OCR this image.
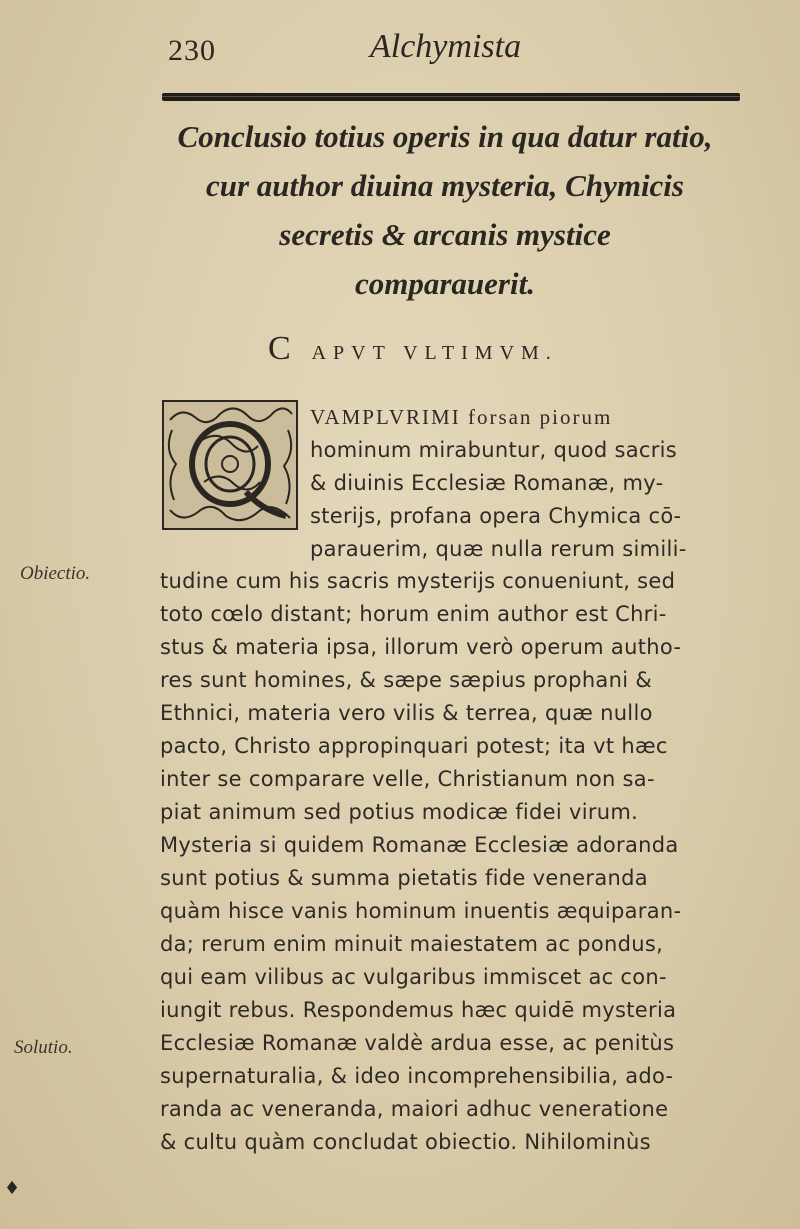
230	Alchymista
Conclusio totius operis in qua datur ratio,
cur author diuina mysteria, Chymicis
secretis & arcanis mystice
comparauerit.
C APVT VLTIMVM.
Obiectio.
Solutio.
VAMPLVRIMI forsan piorum
hominum mirabuntur, quod sacris
& diuinis Ecclesiæ Romanæ, my-
sterijs, profana opera Chymica cō-
parauerim, quæ nulla rerum simili-
tudine cum his sacris mysterijs conueniunt, sed
toto cœlo distant; horum enim author est Chri-
stus & materia ipsa, illorum verò operum autho-
res sunt homines, & sæpe sæpius prophani &
Ethnici, materia vero vilis & terrea, quæ nullo
pacto, Christo appropinquari potest; ita vt hæc
inter se comparare velle, Christianum non sa-
piat animum sed potius modicæ fidei virum.
Mysteria si quidem Romanæ Ecclesiæ adoranda
sunt potius & summa pietatis fide veneranda
quàm hisce vanis hominum inuentis æquiparan-
da; rerum enim minuit maiestatem ac pondus,
qui eam vilibus ac vulgaribus immiscet ac con-
iungit rebus. Respondemus hæc quidē mysteria
Ecclesiæ Romanæ valdè ardua esse, ac penitùs
supernaturalia, & ideo incomprehensibilia, ado-
randa ac veneranda, maiori adhuc veneratione
& cultu quàm concludat obiectio. Nihilominùs
♦
